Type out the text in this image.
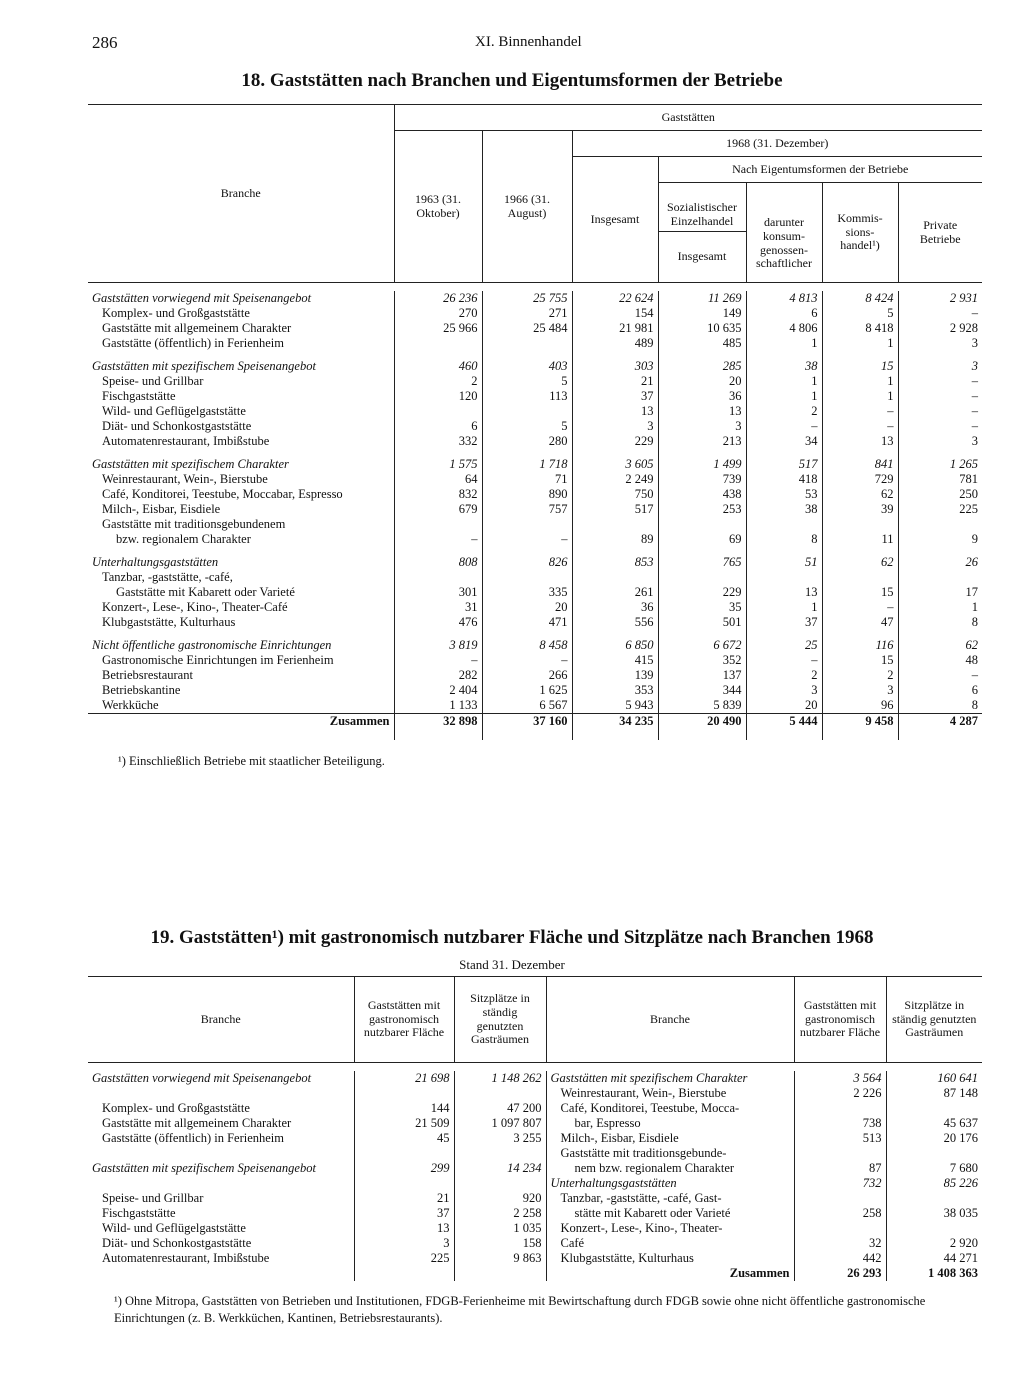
286	XI. Binnenhandel
18. Gaststätten nach Branchen und Eigentumsformen der Betriebe
Branche	Gaststätten						
	1963 (31. Oktober)	1966 (31. August)	1968 (31. Dezember)				
			Insgesamt	Nach Eigentumsformen der Betriebe			

				Sozialistischer Einzelhandel
Insgesamt	darunter konsum-genossen-schaftlicher	Kommis-sions-handel¹)	Private Betriebe

Gaststätten vorwiegend mit Speisenangebot	26 236	25 755	22 624	11 269	4 813	8 424	2 931
Komplex- und Großgaststätte	270	271	154	149	6	5	–
Gaststätte mit allgemeinem Charakter	25 966	25 484	21 981	10 635	4 806	8 418	2 928
Gaststätte (öffentlich) in Ferienheim			489	485	1	1	3

Gaststätten mit spezifischem Speisenangebot	460	403	303	285	38	15	3
Speise- und Grillbar	2	5	21	20	1	1	–
Fischgaststätte	120	113	37	36	1	1	–
Wild- und Geflügelgaststätte			13	13	2	–	–
Diät- und Schonkostgaststätte	6	5	3	3	–	–	–
Automatenrestaurant, Imbißstube	332	280	229	213	34	13	3

Gaststätten mit spezifischem Charakter	1 575	1 718	3 605	1 499	517	841	1 265
Weinrestaurant, Wein-, Bierstube	64	71	2 249	739	418	729	781
Café, Konditorei, Teestube, Moccabar, Espresso	832	890	750	438	53	62	250
Milch-, Eisbar, Eisdiele	679	757	517	253	38	39	225
Gaststätte mit traditionsgebundenem							
bzw. regionalem Charakter	–	–	89	69	8	11	9

Unterhaltungsgaststätten	808	826	853	765	51	62	26
Tanzbar, -gaststätte, -café,							
Gaststätte mit Kabarett oder Varieté	301	335	261	229	13	15	17
Konzert-, Lese-, Kino-, Theater-Café	31	20	36	35	1	–	1
Klubgaststätte, Kulturhaus	476	471	556	501	37	47	8

Nicht öffentliche gastronomische Einrichtungen	3 819	8 458	6 850	6 672	25	116	62
Gastronomische Einrichtungen im Ferienheim	–	–	415	352	–	15	48
Betriebsrestaurant	282	266	139	137	2	2	–
Betriebskantine	2 404	1 625	353	344	3	3	6
Werkküche	1 133	6 567	5 943	5 839	20	96	8
Zusammen	32 898	37 160	34 235	20 490	5 444	9 458	4 287
¹) Einschließlich Betriebe mit staatlicher Beteiligung.
19. Gaststätten¹) mit gastronomisch nutzbarer Fläche und Sitzplätze nach Branchen 1968
Stand 31. Dezember
Branche	Gaststätten mit gastronomisch nutzbarer Fläche	Sitzplätze in ständig genutzten Gasträumen	Branche	Gaststätten mit gastronomisch nutzbarer Fläche	Sitzplätze in ständig genutzten Gasträumen

Gaststätten vorwiegend mit Speisenangebot	21 698	1 148 262	Gaststätten mit spezifischem Charakter	3 564	160 641
			Weinrestaurant, Wein-, Bierstube	2 226	87 148
Komplex- und Großgaststätte	144	47 200	Café, Konditorei, Teestube, Mocca-		
Gaststätte mit allgemeinem Charakter	21 509	1 097 807	bar, Espresso	738	45 637
Gaststätte (öffentlich) in Ferienheim	45	3 255	Milch-, Eisbar, Eisdiele	513	20 176
			Gaststätte mit traditionsgebunde-		
Gaststätten mit spezifischem Speisenangebot	299	14 234	nem bzw. regionalem Charakter	87	7 680
			Unterhaltungsgaststätten	732	85 226
Speise- und Grillbar	21	920	Tanzbar, -gaststätte, -café, Gast-		
Fischgaststätte	37	2 258	stätte mit Kabarett oder Varieté	258	38 035
Wild- und Geflügelgaststätte	13	1 035	Konzert-, Lese-, Kino-, Theater-		
Diät- und Schonkostgaststätte	3	158	Café	32	2 920
Automatenrestaurant, Imbißstube	225	9 863	Klubgaststätte, Kulturhaus	442	44 271
			Zusammen	26 293	1 408 363
¹) Ohne Mitropa, Gaststätten von Betrieben und Institutionen, FDGB-Ferienheime mit Bewirtschaftung durch FDGB sowie ohne nicht öffentliche gastronomische Einrichtungen (z. B. Werkküchen, Kantinen, Betriebsrestaurants).
